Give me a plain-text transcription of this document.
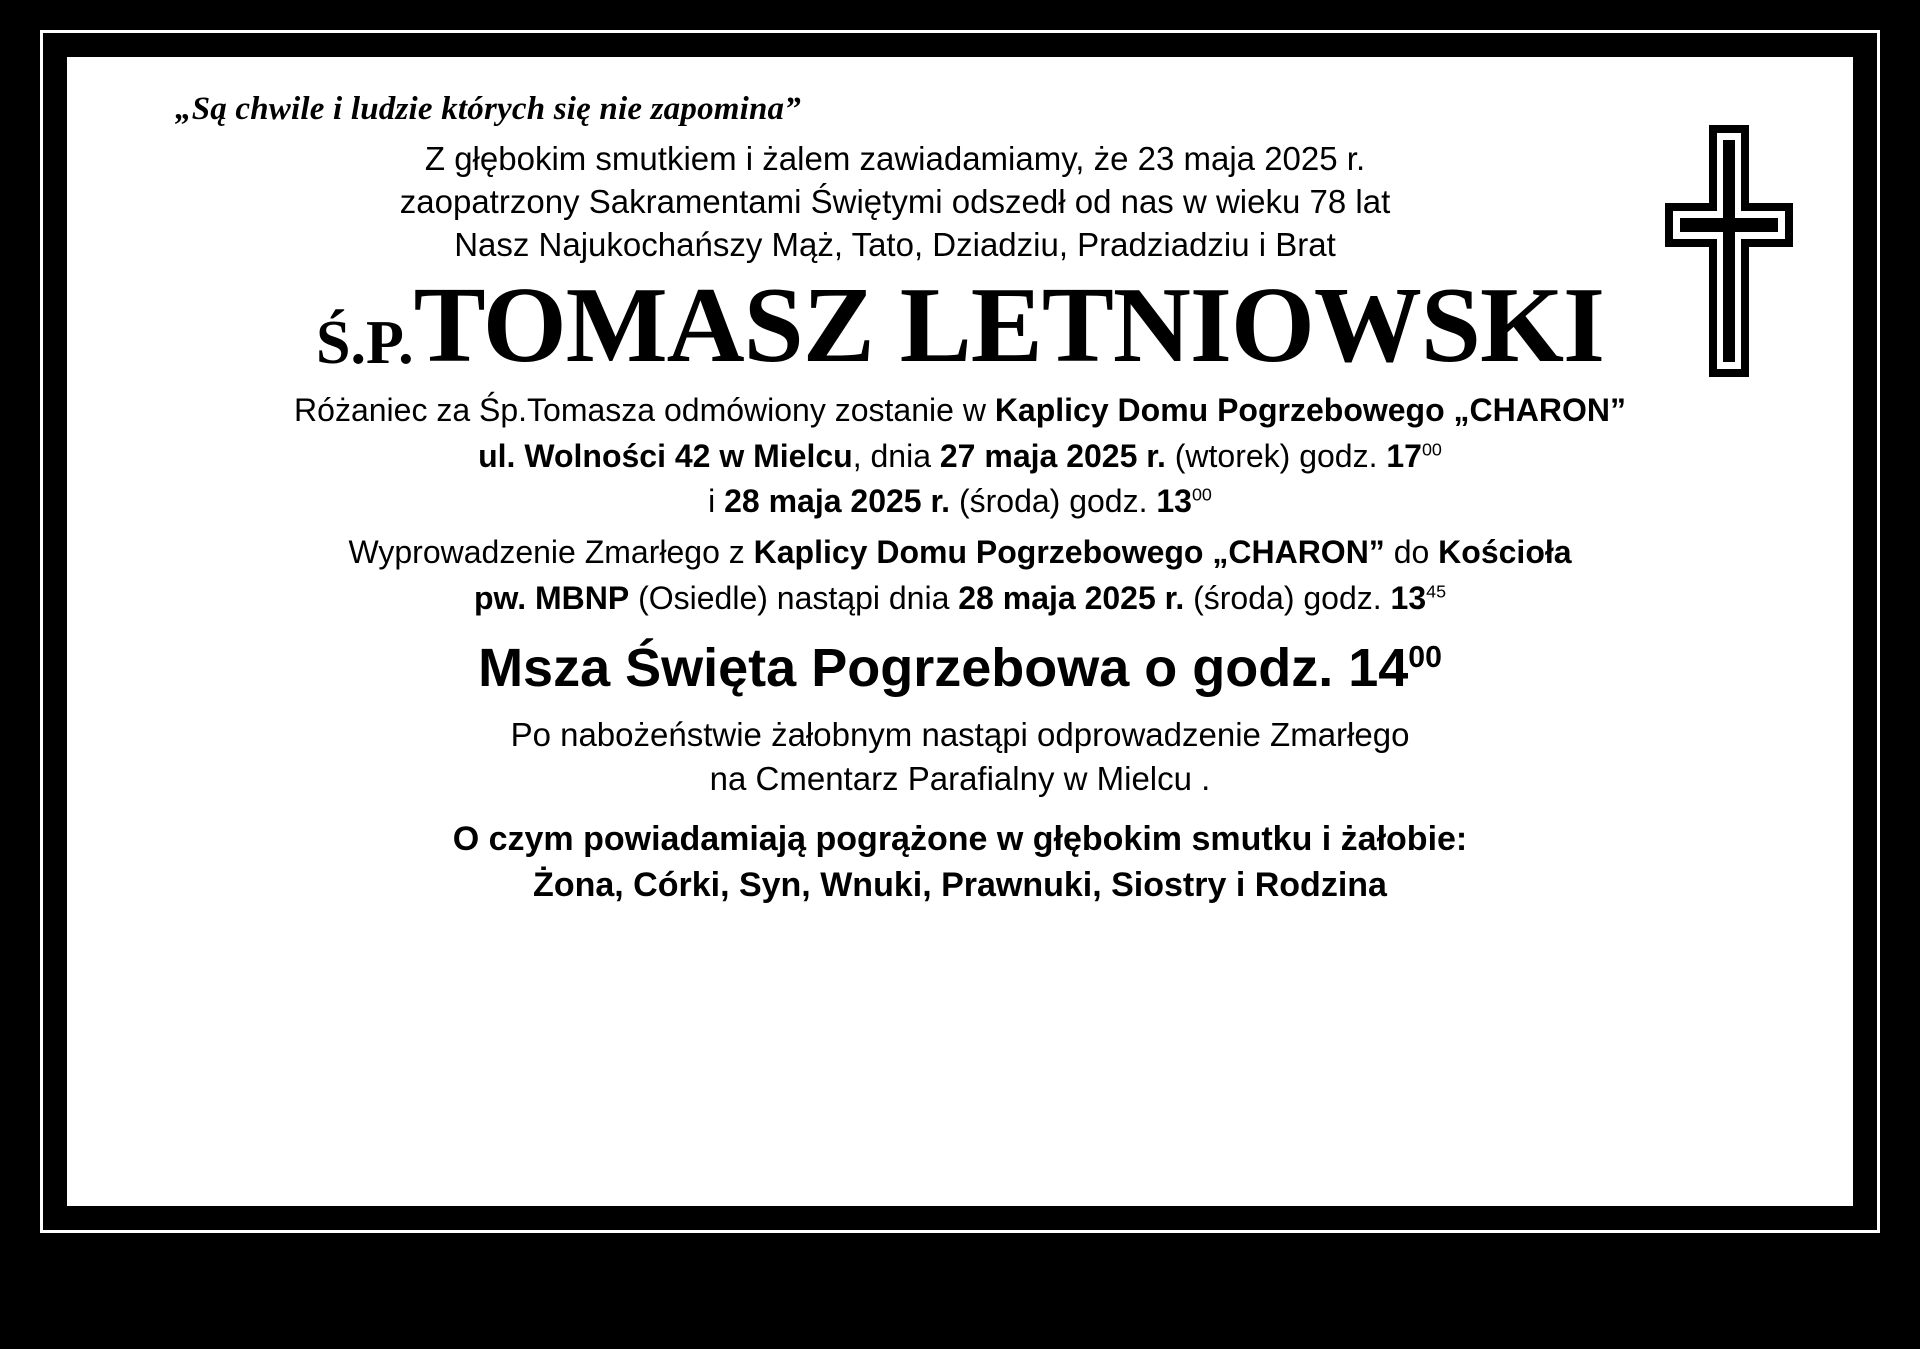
„Są chwile i ludzie których się nie zapomina”
Z głębokim smutkiem i żalem zawiadamiamy, że 23 maja 2025 r.
zaopatrzony Sakramentami Świętymi odszedł od nas w wieku 78 lat
Nasz Najukochańszy Mąż, Tato, Dziadziu, Pradziadziu i Brat
Ś.P. TOMASZ LETNIOWSKI
Różaniec za Śp.Tomasza odmówiony zostanie w Kaplicy Domu Pogrzebowego „CHARON”
ul. Wolności 42 w Mielcu, dnia 27 maja 2025 r. (wtorek) godz. $17^{00}$
i 28 maja 2025 r. (środa) godz. $13^{00}$
Wyprowadzenie Zmarłego z Kaplicy Domu Pogrzebowego „CHARON” do Kościoła
pw. MBNP (Osiedle) nastąpi dnia 28 maja 2025 r. (środa) godz. $13^{45}$
Msza Święta Pogrzebowa o godz. $14^{00}$
Po nabożeństwie żałobnym nastąpi odprowadzenie Zmarłego
na Cmentarz Parafialny w Mielcu .
O czym powiadamiają pogrążone w głębokim smutku i żałobie:
Żona, Córki, Syn, Wnuki, Prawnuki, Siostry i Rodzina
Druk: „CHARON” Dom Pogrzebowy Waldemar Buziak ul. Wolności 42 w Mielcu tel. 17 583 25 66
